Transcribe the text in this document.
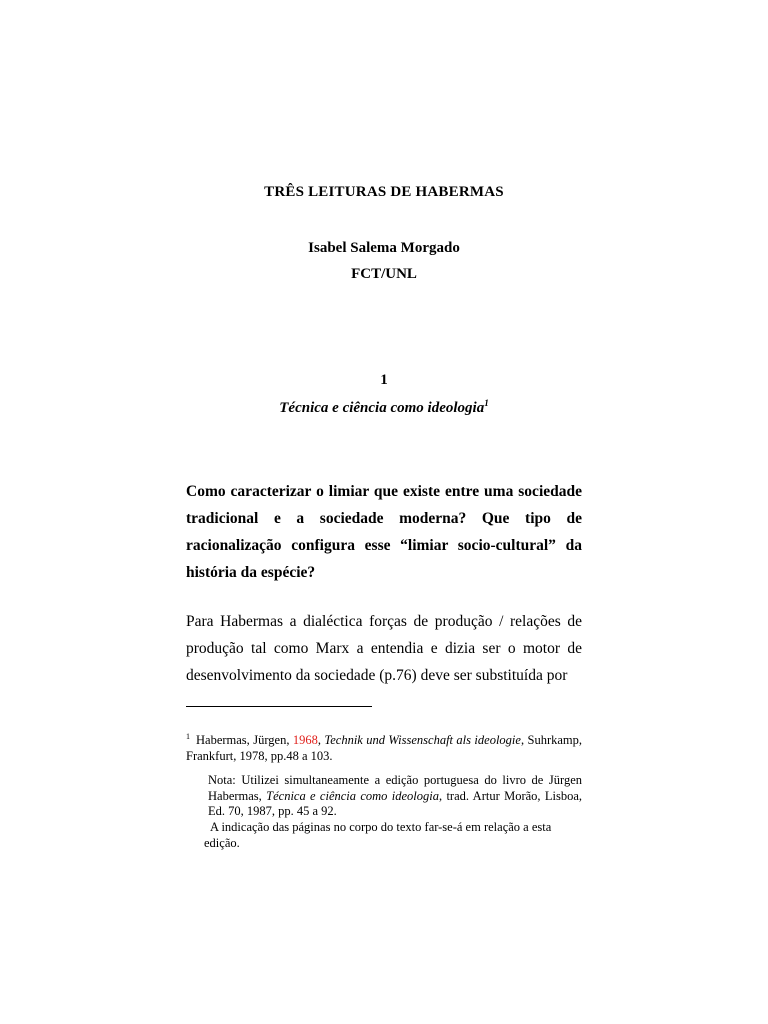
TRÊS LEITURAS DE HABERMAS
Isabel Salema Morgado
FCT/UNL
1
Técnica e ciência como ideologia$^1$
Como caracterizar o limiar que existe entre uma sociedade tradicional e a sociedade moderna? Que tipo de racionalização configura esse “limiar socio-cultural” da história da espécie?
Para Habermas a dialéctica forças de produção / relações de produção tal como Marx a entendia e dizia ser o motor de desenvolvimento da sociedade (p.76) deve ser substituída por
$^1$ Habermas, Jürgen, 1968, Technik und Wissenschaft als ideologie, Suhrkamp, Frankfurt, 1978, pp.48 a 103.
Nota: Utilizei simultaneamente a edição portuguesa do livro de Jürgen Habermas, Técnica e ciência como ideologia, trad. Artur Morão, Lisboa, Ed. 70, 1987, pp. 45 a 92.
A indicação das páginas no corpo do texto far-se-á em relação a esta
edição.
